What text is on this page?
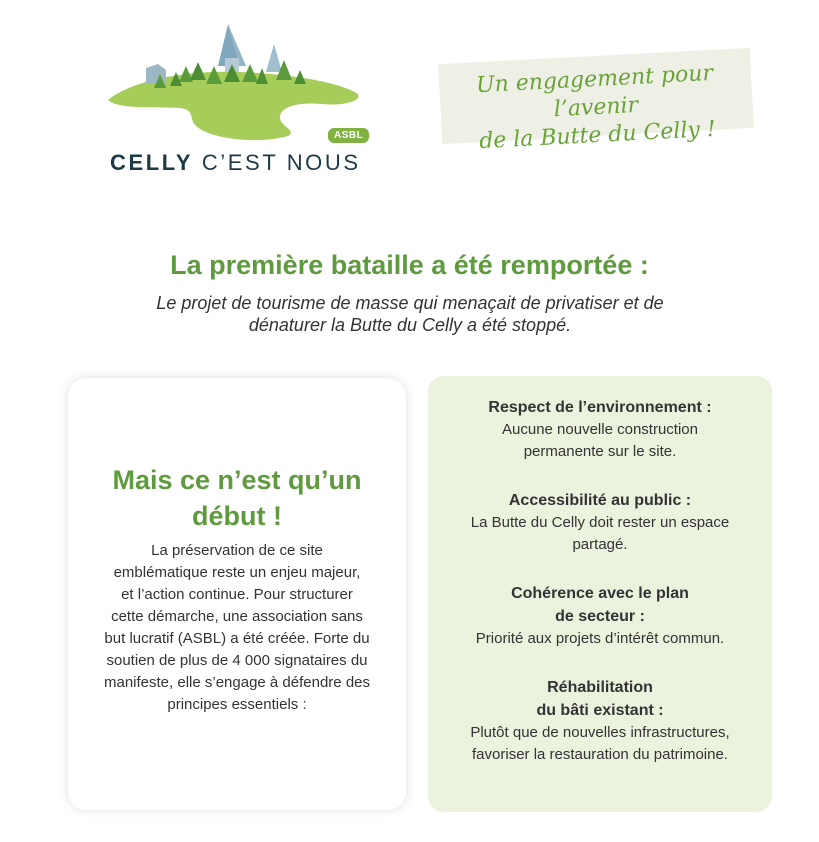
ASBL
CELLY C’EST NOUS
Un engagement pour l’avenir
de la Butte du Celly !
La première bataille a été remportée :
Le projet de tourisme de masse qui menaçait de privatiser et de
dénaturer la Butte du Celly a été stoppé.
Mais ce n’est qu’un
début !
La préservation de ce site
emblématique reste un enjeu majeur,
et l’action continue. Pour structurer
cette démarche, une association sans
but lucratif (ASBL) a été créée. Forte du
soutien de plus de 4 000 signataires du
manifeste, elle s’engage à défendre des
principes essentiels :
Respect de l’environnement :
Aucune nouvelle construction
permanente sur le site.
Accessibilité au public :
La Butte du Celly doit rester un espace
partagé.
Cohérence avec le plan
de secteur :
Priorité aux projets d’intérêt commun.
Réhabilitation
du bâti existant :
Plutôt que de nouvelles infrastructures,
favoriser la restauration du patrimoine.
